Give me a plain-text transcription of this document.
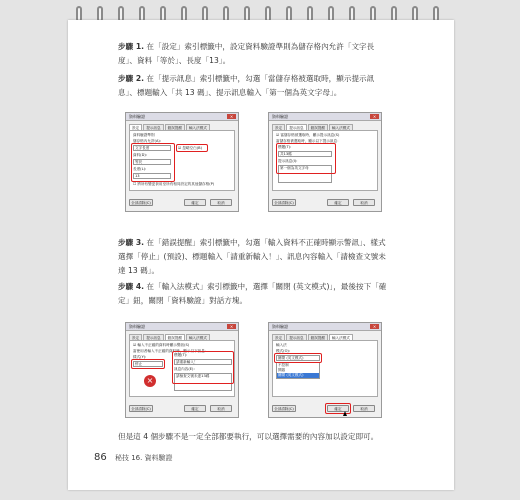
步驟 1. 在「設定」索引標籤中，設定資料驗證準則為儲存格內允許「文字長度」、資料「等於」、長度「13」。
步驟 2. 在「提示訊息」索引標籤中，勾選「當儲存格被選取時，顯示提示訊息」、標題輸入「共 13 碼」、提示訊息輸入「第一個為英文字母」。
資料驗證	×
設定	提示訊息	錯誤提醒	輸入法模式
資料驗證準則
儲存格內允許(A):
文字長度	☑ 忽略空白(B)
資料(D):
等於
長度(L):
13
☐ 將所有變更套用至所有相同設定的其他儲存格(P)
全部清除(C)	確定	取消
資料驗證	×
設定	提示訊息	錯誤提醒	輸入法模式
☑ 當儲存格被選取時，顯示提示訊息(S)
當儲存格被選取時，顯示以下提示訊息：
標題(T):
共13碼
提示訊息(I):
第一個為英文字母
全部清除(C)	確定	取消
步驟 3. 在「錯誤提醒」索引標籤中，勾選「輸入資料不正確時顯示警訊」、樣式選擇「停止」(預設)、標題輸入「請重新輸入！」、訊息內容輸入「請檢查文號未達 13 碼」。
步驟 4. 在「輸入法模式」索引標籤中，選擇「關閉 (英文模式)」，最後按下「確定」鈕，關閉「資料驗證」對話方塊。
資料驗證	×
設定	提示訊息	錯誤提醒	輸入法模式
☑ 輸入不正確的資料時顯示警訊(S)
當使用者輸入不正確的資料時，顯示以下訊息：
樣式(Y):
停止
×
標題(T):
請重新輸入！
訊息內容(E):
請檢查文號未達13碼
全部清除(C)	確定	取消
資料驗證	×
設定	提示訊息	錯誤提醒	輸入法模式
輸入法
模式(O):
關閉 (英文模式)
不控制
開啟
關閉 (英文模式)
全部清除(C)	確定	取消
但是這 4 個步驟不是一定全部都要執行，可以選擇需要的內容加以設定即可。
86 秘技 16. 資料驗證
